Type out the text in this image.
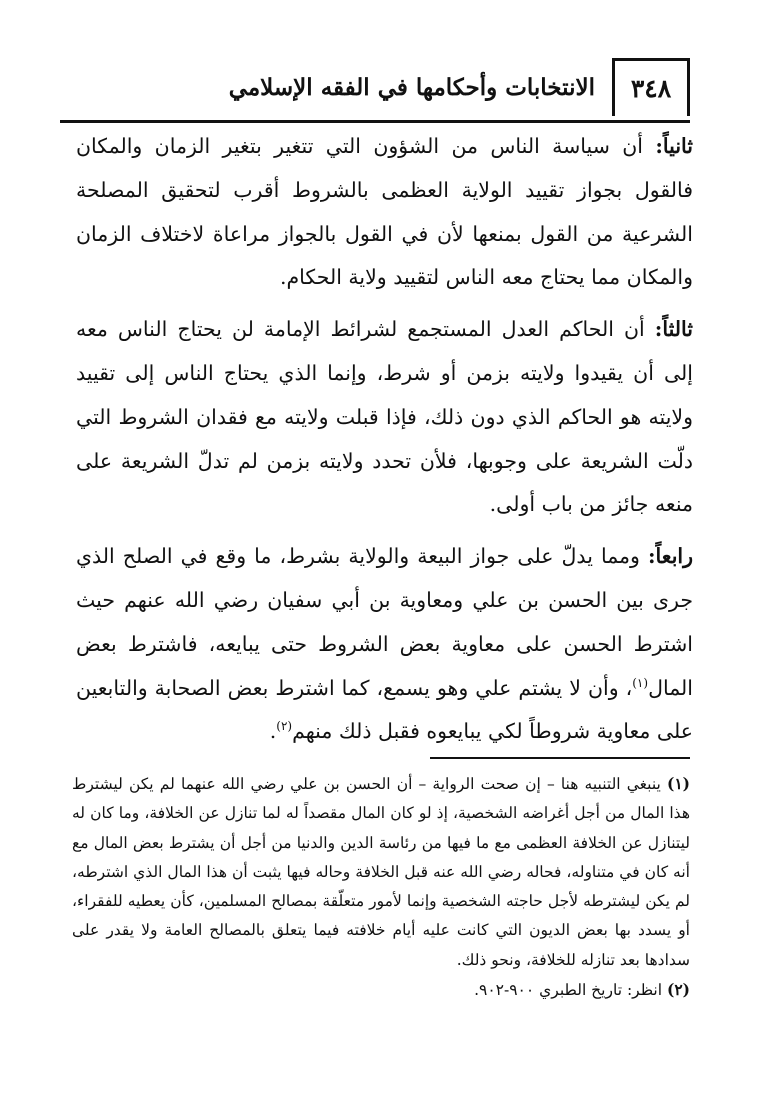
٣٤٨
الانتخابات وأحكامها في الفقه الإسلامي

ثانياً: أن سياسة الناس من الشؤون التي تتغير بتغير الزمان والمكان فالقول بجواز تقييد الولاية العظمى بالشروط أقرب لتحقيق المصلحة الشرعية من القول بمنعها لأن في القول بالجواز مراعاة لاختلاف الزمان والمكان مما يحتاج معه الناس لتقييد ولاية الحكام.

ثالثاً: أن الحاكم العدل المستجمع لشرائط الإمامة لن يحتاج الناس معه إلى أن يقيدوا ولايته بزمن أو شرط، وإنما الذي يحتاج الناس إلى تقييد ولايته هو الحاكم الذي دون ذلك، فإذا قبلت ولايته مع فقدان الشروط التي دلّت الشريعة على وجوبها، فلأن تحدد ولايته بزمن لم تدلّ الشريعة على منعه جائز من باب أولى.

رابعاً: ومما يدلّ على جواز البيعة والولاية بشرط، ما وقع في الصلح الذي جرى بين الحسن بن علي ومعاوية بن أبي سفيان رضي الله عنهم حيث اشترط الحسن على معاوية بعض الشروط حتى يبايعه، فاشترط بعض المال$^{(١)}$، وأن لا يشتم علي وهو يسمع، كما اشترط بعض الصحابة والتابعين على معاوية شروطاً لكي يبايعوه فقبل ذلك منهم$^{(٢)}$.

(١) ينبغي التنبيه هنا – إن صحت الرواية – أن الحسن بن علي رضي الله عنهما لم يكن ليشترط هذا المال من أجل أغراضه الشخصية، إذ لو كان المال مقصداً له لما تنازل عن الخلافة، وما كان له ليتنازل عن الخلافة العظمى مع ما فيها من رئاسة الدين والدنيا من أجل أن يشترط بعض المال مع أنه كان في متناوله، فحاله رضي الله عنه قبل الخلافة وحاله فيها يثبت أن هذا المال الذي اشترطه، لم يكن ليشترطه لأجل حاجته الشخصية وإنما لأمور متعلّقة بمصالح المسلمين، كأن يعطيه للفقراء، أو يسدد بها بعض الديون التي كانت عليه أيام خلافته فيما يتعلق بالمصالح العامة ولا يقدر على سدادها بعد تنازله للخلافة، ونحو ذلك.

(٢) انظر: تاريخ الطبري ٩٠٠-٩٠٢.
